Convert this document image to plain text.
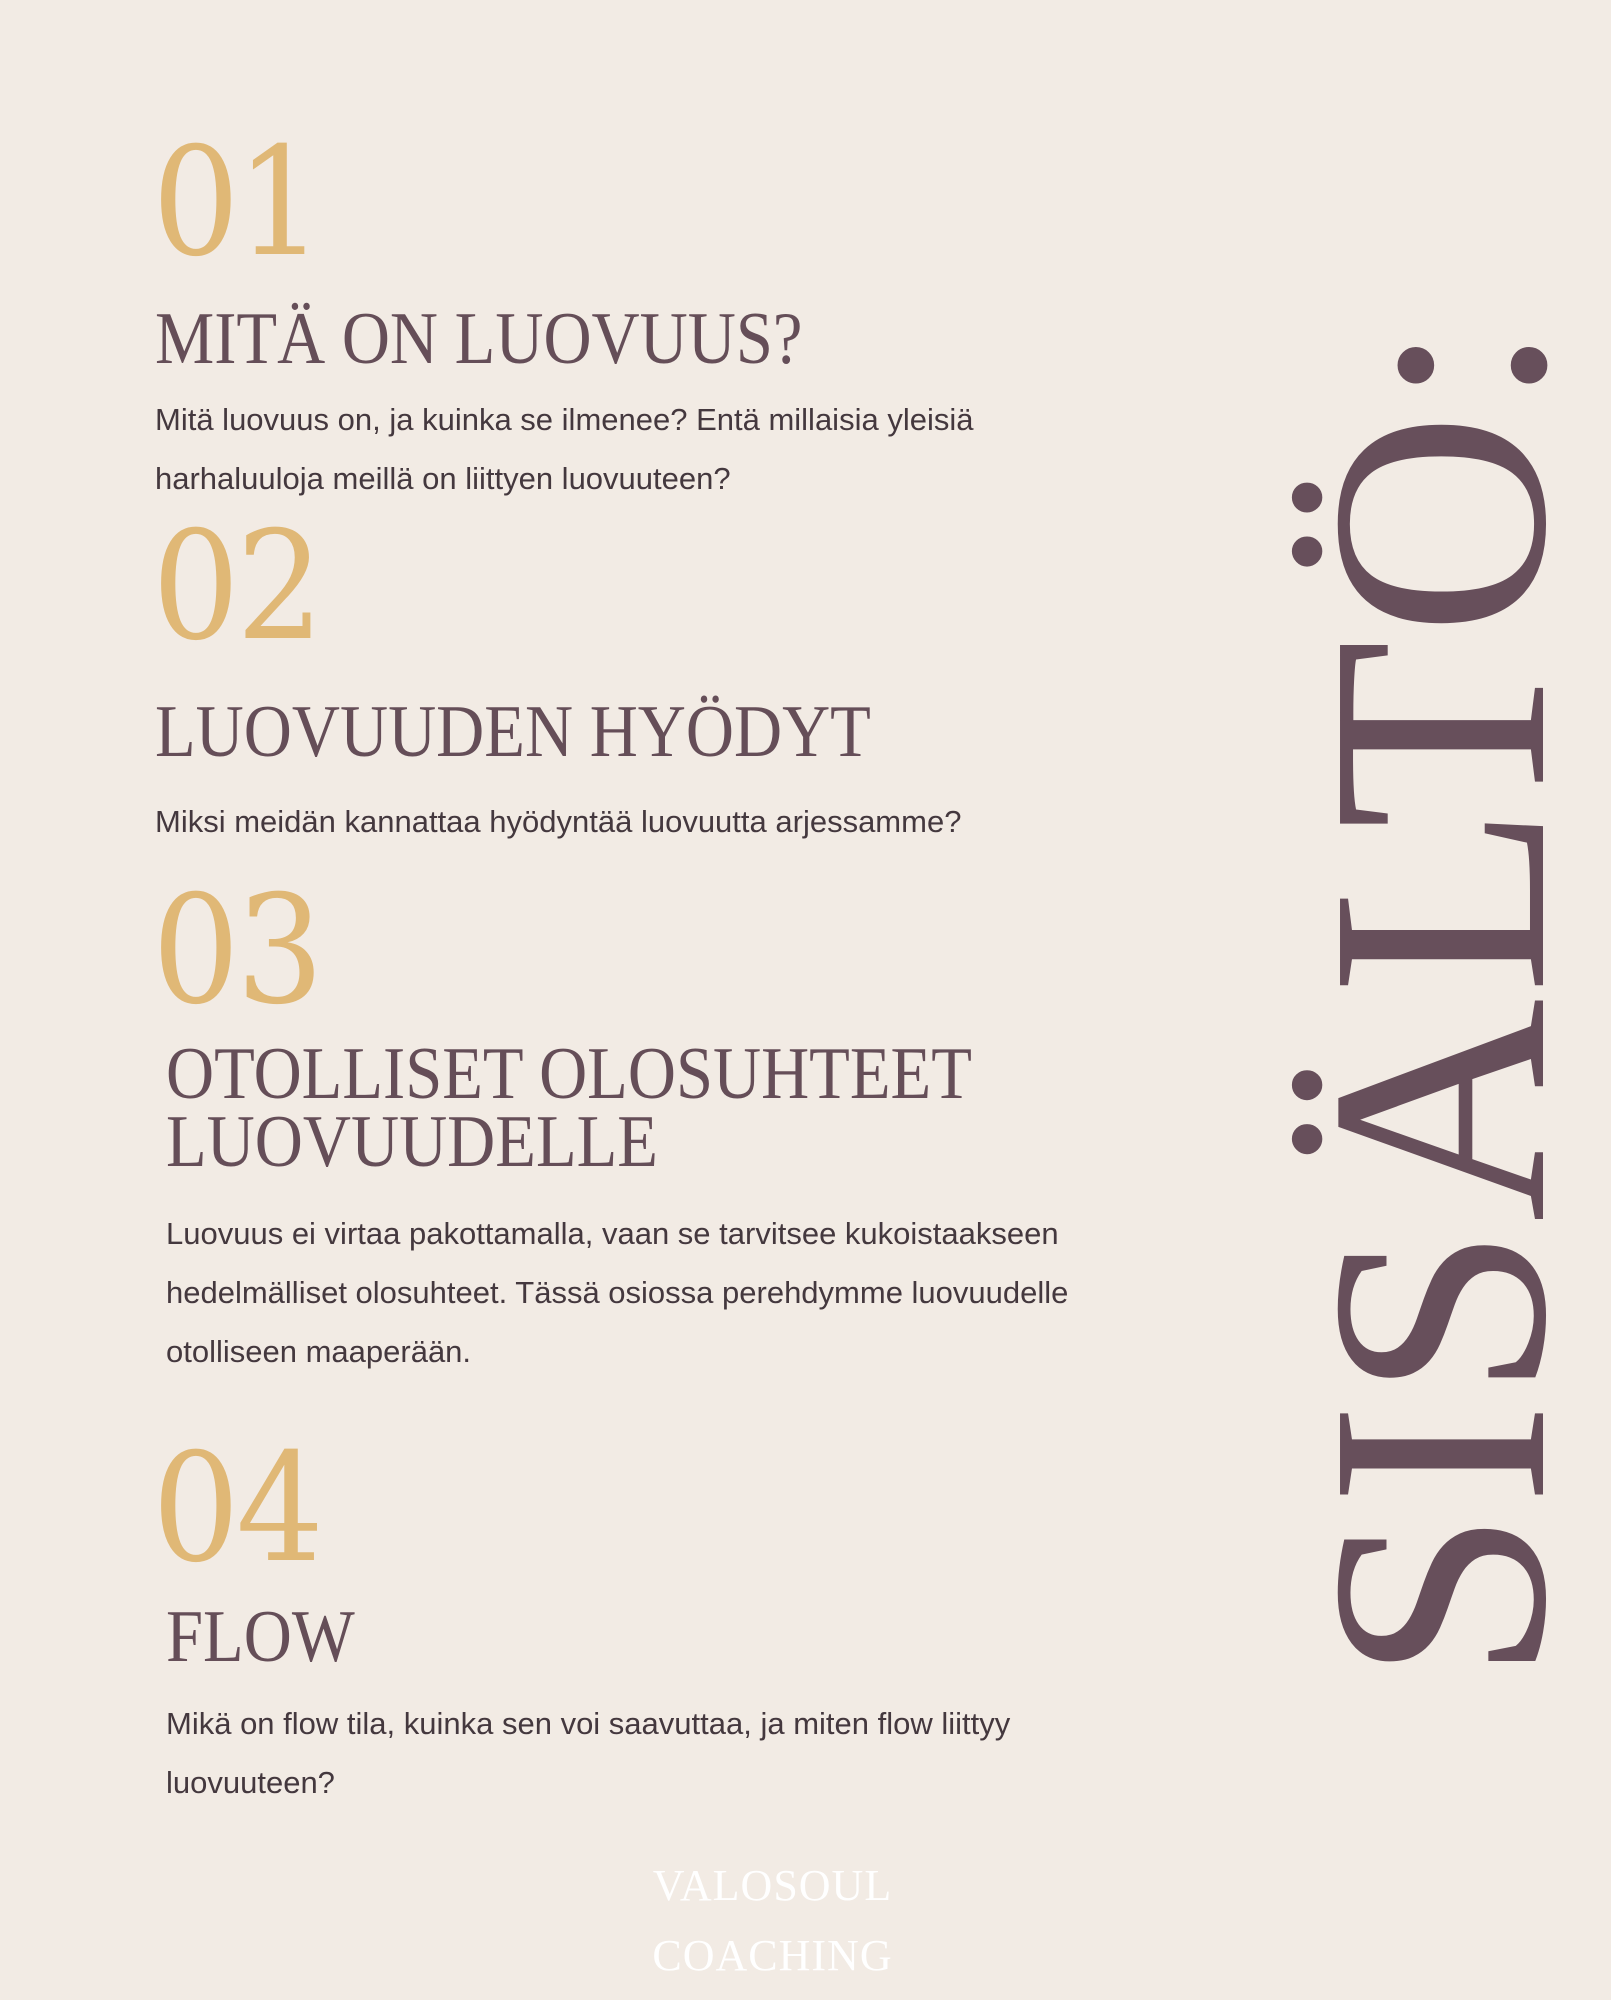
01
MITÄ ON LUOVUUS?

Mitä luovuus on, ja kuinka se ilmenee? Entä millaisia yleisiä harhaluuloja meillä on liittyen luovuuteen?

02
LUOVUUDEN HYÖDYT

Miksi meidän kannattaa hyödyntää luovuutta arjessamme?

03
OTOLLISET OLOSUHTEET
LUOVUUDELLE

Luovuus ei virtaa pakottamalla, vaan se tarvitsee kukoistaakseen hedelmälliset olosuhteet. Tässä osiossa perehdymme luovuudelle otolliseen maaperään.

04
FLOW

Mikä on flow tila, kuinka sen voi saavuttaa, ja miten flow liittyy luovuuteen?

SISÄLTÖ:
VALOSOUL
COACHING
